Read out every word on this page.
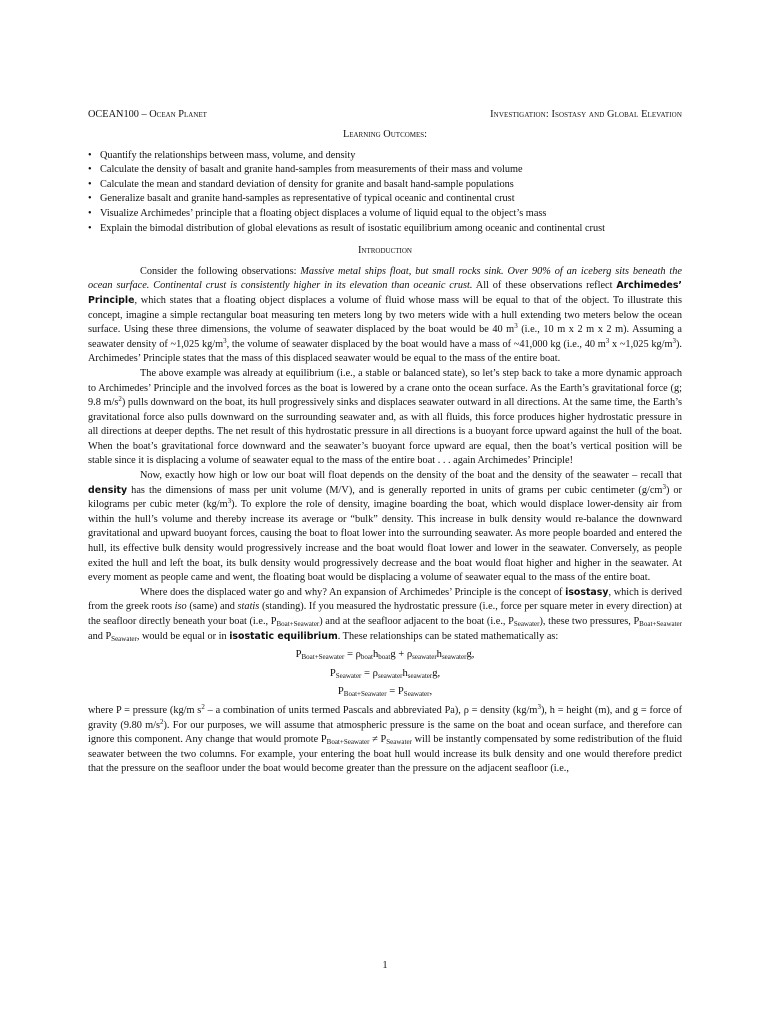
OCEAN100 – Ocean Planet	Investigation: Isostasy and Global Elevation
Learning Outcomes:
• Quantify the relationships between mass, volume, and density
• Calculate the density of basalt and granite hand-samples from measurements of their mass and volume
• Calculate the mean and standard deviation of density for granite and basalt hand-sample populations
• Generalize basalt and granite hand-samples as representative of typical oceanic and continental crust
• Visualize Archimedes’ principle that a floating object displaces a volume of liquid equal to the object’s mass
• Explain the bimodal distribution of global elevations as result of isostatic equilibrium among oceanic and continental crust
Introduction

Consider the following observations: Massive metal ships float, but small rocks sink. Over 90% of an iceberg sits beneath the ocean surface. Continental crust is consistently higher in its elevation than oceanic crust. All of these observations reflect Archimedes’ Principle, which states that a floating object displaces a volume of fluid whose mass will be equal to that of the object. To illustrate this concept, imagine a simple rectangular boat measuring ten meters long by two meters wide with a hull extending two meters below the ocean surface. Using these three dimensions, the volume of seawater displaced by the boat would be 40 $m^3$ (i.e., 10 m x 2 m x 2 m). Assuming a seawater density of ~1,025 $kg/m^3$, the volume of seawater displaced by the boat would have a mass of ~41,000 kg (i.e., 40 $m^3$ x ~1,025 $kg/m^3$). Archimedes’ Principle states that the mass of this displaced seawater would be equal to the mass of the entire boat.

The above example was already at equilibrium (i.e., a stable or balanced state), so let’s step back to take a more dynamic approach to Archimedes’ Principle and the involved forces as the boat is lowered by a crane onto the ocean surface. As the Earth’s gravitational force (g; 9.8 $m/s^2$) pulls downward on the boat, its hull progressively sinks and displaces seawater outward in all directions. At the same time, the Earth’s gravitational force also pulls downward on the surrounding seawater and, as with all fluids, this force produces higher hydrostatic pressure in all directions at deeper depths. The net result of this hydrostatic pressure in all directions is a buoyant force upward against the hull of the boat. When the boat’s gravitational force downward and the seawater’s buoyant force upward are equal, then the boat’s vertical position will be stable since it is displacing a volume of seawater equal to the mass of the entire boat . . . again Archimedes’ Principle!

Now, exactly how high or low our boat will float depends on the density of the boat and the density of the seawater – recall that density has the dimensions of mass per unit volume (M/V), and is generally reported in units of grams per cubic centimeter $(g/cm^3)$ or kilograms per cubic meter $(kg/m^3)$. To explore the role of density, imagine boarding the boat, which would displace lower-density air from within the hull’s volume and thereby increase its average or “bulk” density. This increase in bulk density would re-balance the downward gravitational and upward buoyant forces, causing the boat to float lower into the surrounding seawater. As more people boarded and entered the hull, its effective bulk density would progressively increase and the boat would float lower and lower in the seawater. Conversely, as people exited the hull and left the boat, its bulk density would progressively decrease and the boat would float higher and higher in the seawater. At every moment as people came and went, the floating boat would be displacing a volume of seawater equal to the mass of the entire boat.

Where does the displaced water go and why? An expansion of Archimedes’ Principle is the concept of isostasy, which is derived from the greek roots iso (same) and statis (standing). If you measured the hydrostatic pressure (i.e., force per square meter in every direction) at the seafloor directly beneath your boat (i.e., $P_{Boat+Seawater}$) and at the seafloor adjacent to the boat (i.e., $P_{Seawater}$), these two pressures, $P_{Boat+Seawater}$ and $P_{Seawater}$, would be equal or in isostatic equilibrium. These relationships can be stated mathematically as:

$P_{Boat+Seawater} = \rho_{boat}h_{boat}g + \rho_{seawater}h_{seawater}g$,
$P_{Seawater} = \rho_{seawater}h_{seawater}g$,
$P_{Boat+Seawater} = P_{Seawater}$,

where P = pressure (kg/m $s^2$ – a combination of units termed Pascals and abbreviated Pa), ρ = density $(kg/m^3)$, h = height (m), and g = force of gravity (9.80 $m/s^2$). For our purposes, we will assume that atmospheric pressure is the same on the boat and ocean surface, and therefore can ignore this component. Any change that would promote $P_{Boat+Seawater} \ne P_{Seawater}$ will be instantly compensated by some redistribution of the fluid seawater between the two columns. For example, your entering the boat hull would increase its bulk density and one would therefore predict that the pressure on the seafloor under the boat would become greater than the pressure on the adjacent seafloor (i.e.,

1
